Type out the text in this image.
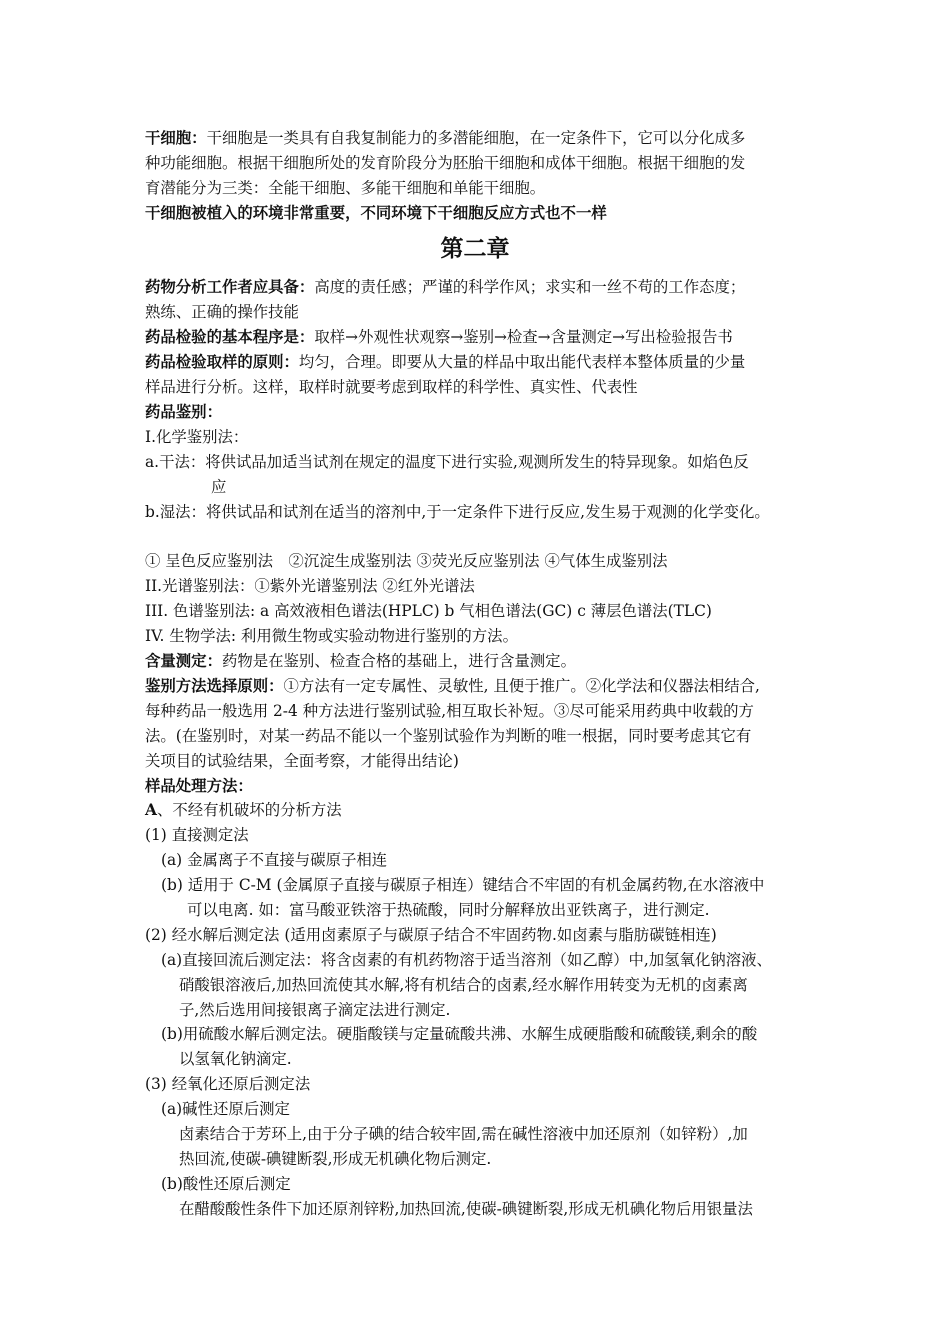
干细胞：干细胞是一类具有自我复制能力的多潜能细胞，在一定条件下，它可以分化成多
种功能细胞。根据干细胞所处的发育阶段分为胚胎干细胞和成体干细胞。根据干细胞的发
育潜能分为三类：全能干细胞、多能干细胞和单能干细胞。
干细胞被植入的环境非常重要，不同环境下干细胞反应方式也不一样
第二章
药物分析工作者应具备：高度的责任感；严谨的科学作风；求实和一丝不苟的工作态度；
熟练、正确的操作技能
药品检验的基本程序是：取样→外观性状观察→鉴别→检查→含量测定→写出检验报告书
药品检验取样的原则：均匀，合理。即要从大量的样品中取出能代表样本整体质量的少量
样品进行分析。这样，取样时就要考虑到取样的科学性、真实性、代表性
药品鉴别：
I.化学鉴别法：
a.干法：将供试品加适当试剂在规定的温度下进行实验,观测所发生的特异现象。如焰色反
应
b.湿法：将供试品和试剂在适当的溶剂中,于一定条件下进行反应,发生易于观测的化学变化。
① 呈色反应鉴别法　②沉淀生成鉴别法 ③荧光反应鉴别法 ④气体生成鉴别法
II.光谱鉴别法：①紫外光谱鉴别法 ②红外光谱法
III. 色谱鉴别法: a 高效液相色谱法(HPLC) b 气相色谱法(GC) c 薄层色谱法(TLC)
IV. 生物学法: 利用微生物或实验动物进行鉴别的方法。
含量测定：药物是在鉴别、检查合格的基础上，进行含量测定。
鉴别方法选择原则：①方法有一定专属性、灵敏性, 且便于推广。②化学法和仪器法相结合,
每种药品一般选用 2-4 种方法进行鉴别试验,相互取长补短。③尽可能采用药典中收载的方
法。(在鉴别时，对某一药品不能以一个鉴别试验作为判断的唯一根据，同时要考虑其它有
关项目的试验结果，全面考察，才能得出结论)
样品处理方法：
A、不经有机破坏的分析方法
(1) 直接测定法
(a) 金属离子不直接与碳原子相连
(b) 适用于 C-M (金属原子直接与碳原子相连）键结合不牢固的有机金属药物,在水溶液中
可以电离. 如：富马酸亚铁溶于热硫酸，同时分解释放出亚铁离子，进行测定.
(2) 经水解后测定法 (适用卤素原子与碳原子结合不牢固药物.如卤素与脂肪碳链相连)
(a)直接回流后测定法：将含卤素的有机药物溶于适当溶剂（如乙醇）中,加氢氧化钠溶液、
硝酸银溶液后,加热回流使其水解,将有机结合的卤素,经水解作用转变为无机的卤素离
子,然后选用间接银离子滴定法进行测定.
(b)用硫酸水解后测定法。硬脂酸镁与定量硫酸共沸、水解生成硬脂酸和硫酸镁,剩余的酸
以氢氧化钠滴定.
(3) 经氧化还原后测定法
(a)碱性还原后测定
卤素结合于芳环上,由于分子碘的结合较牢固,需在碱性溶液中加还原剂（如锌粉）,加
热回流,使碳-碘键断裂,形成无机碘化物后测定.
(b)酸性还原后测定
在醋酸酸性条件下加还原剂锌粉,加热回流,使碳-碘键断裂,形成无机碘化物后用银量法
